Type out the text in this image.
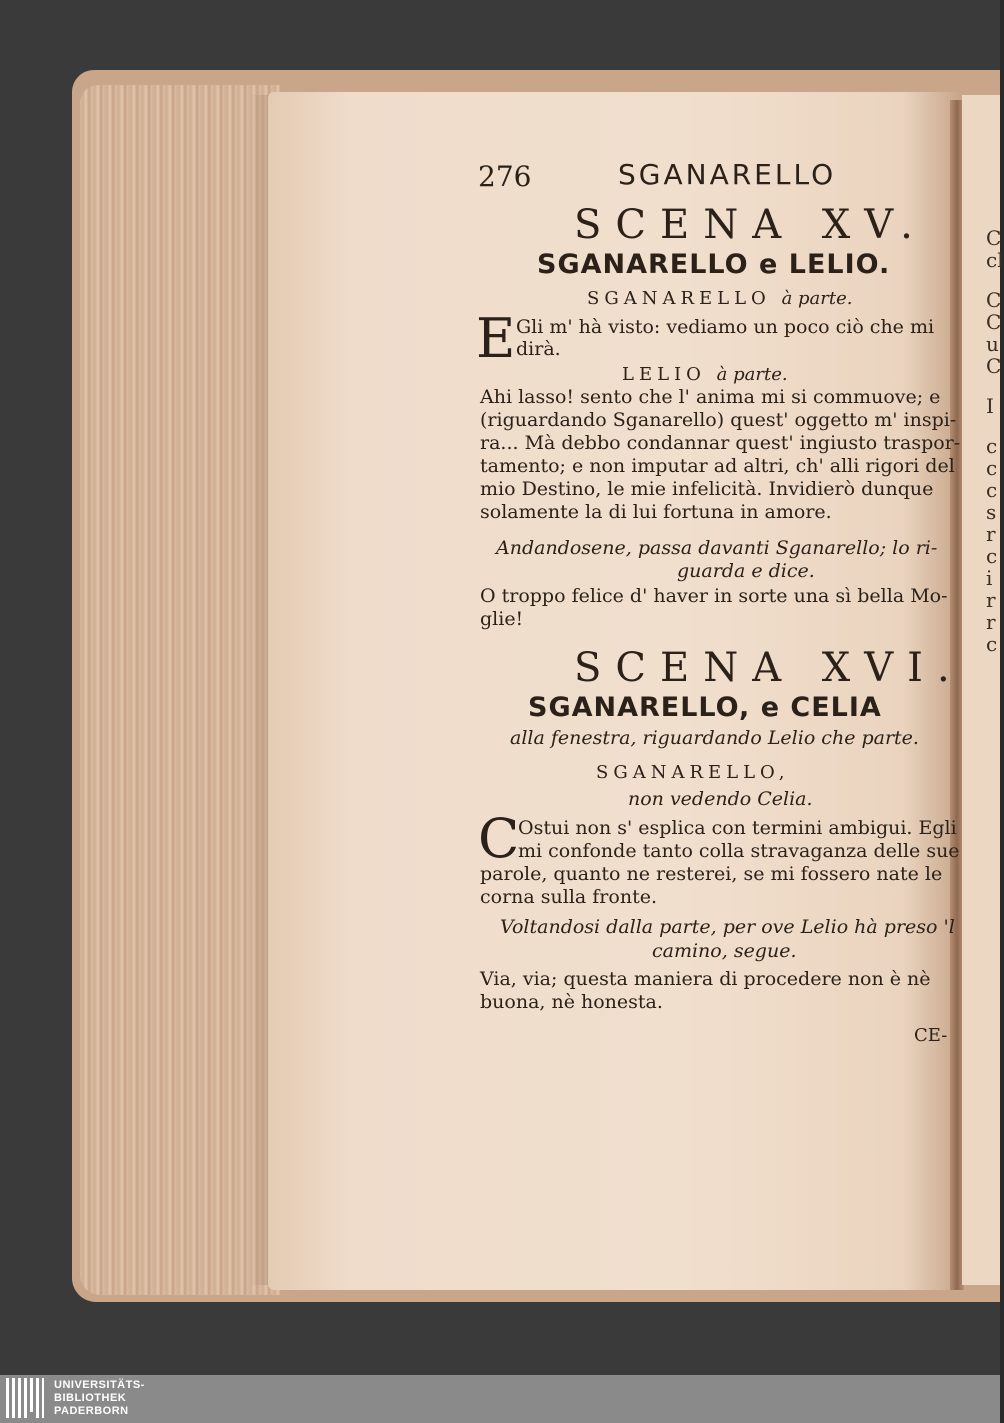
C
cl
C
C
u
C
I
c
c
c
s
r
c
i
r
r
c
276	SGANARELLO
SCENA XV.
SGANARELLO e LELIO.
SGANARELLO à parte.
E Gli m' hà visto: vediamo un poco ciò che mi
dirà.
LELIO à parte.
Ahi lasso! sento che l' anima mi si commuove; e
(riguardando Sganarello) quest' oggetto m' inspi-
ra... Mà debbo condannar quest' ingiusto traspor-
tamento; e non imputar ad altri, ch' alli rigori del
mio Destino, le mie infelicità. Invidierò dunque
solamente la di lui fortuna in amore.
Andandosene, passa davanti Sganarello; lo ri-
guarda e dice.
O troppo felice d' haver in sorte una sì bella Mo-
glie!
SCENA XVI.
SGANARELLO, e CELIA
alla fenestra, riguardando Lelio che parte.
SGANARELLO,
non vedendo Celia.
C
Ostui non s' esplica con termini ambigui. Egli
mi confonde tanto colla stravaganza delle sue
parole, quanto ne resterei, se mi fossero nate le
corna sulla fronte.
Voltandosi dalla parte, per ove Lelio hà preso 'l
camino, segue.
Via, via; questa maniera di procedere non è nè
buona, nè honesta.
CE-
UNIVERSITÄTS-
BIBLIOTHEK
PADERBORN
